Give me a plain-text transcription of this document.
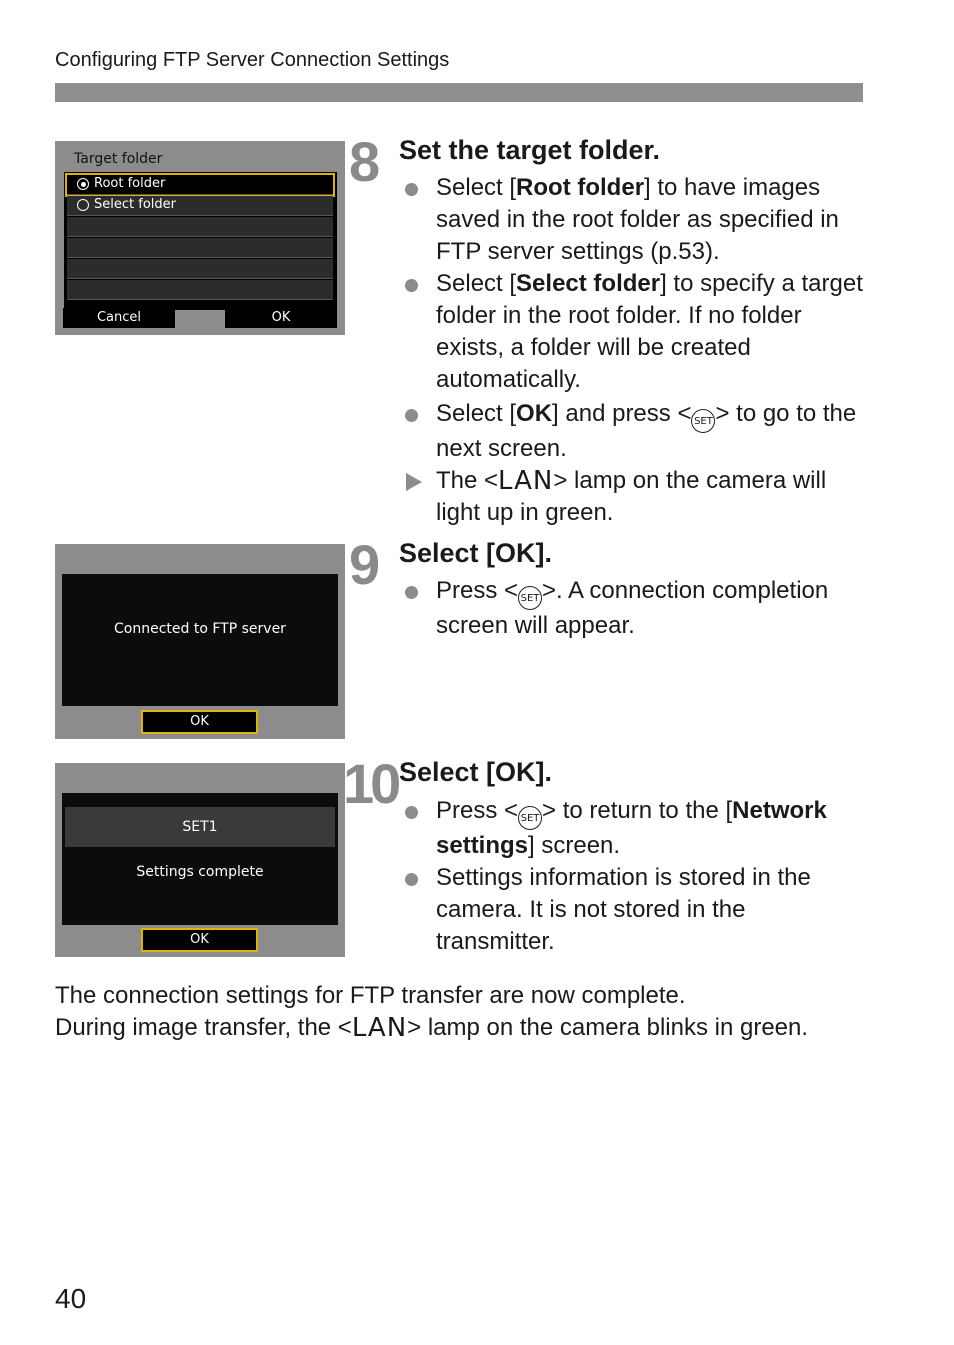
Configuring FTP Server Connection Settings
Target folder
Root folder
Select folder
Cancel	OK
Connected to FTP server
OK
SET1
Settings complete
OK
8 Set the target folder.
Select [Root folder] to have images saved in the root folder as specified in FTP server settings (p.53).
Select [Select folder] to specify a target folder in the root folder. If no folder exists, a folder will be created automatically.
Select [OK] and press < SET > to go to the next screen.
The <LAN> lamp on the camera will light up in green.
9 Select [OK].
Press < SET >. A connection completion screen will appear.
10 Select [OK].
Press < SET > to return to the [Network settings] screen.
Settings information is stored in the camera. It is not stored in the transmitter.
The connection settings for FTP transfer are now complete.
During image transfer, the <LAN> lamp on the camera blinks in green.
40
